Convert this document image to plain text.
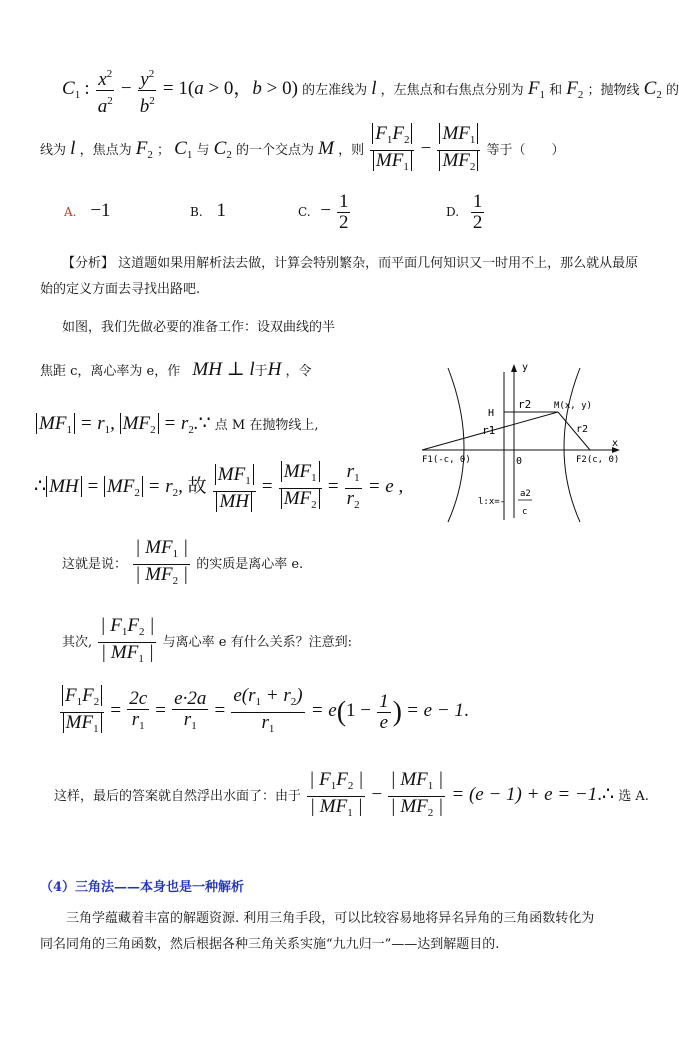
$C_1$ : $\frac{x^2}{a^2} - \frac{y^2}{b^2} = 1(a > 0$，b > 0) 的左准线为 l ，左焦点和右焦点分别为 $F_1$ 和 $F_2$ ；抛物线 $C_2$ 的
线为 l ，焦点为 $F_2$ ； $C_1$ 与 $C_2$ 的一个交点为 M ，则 $\frac{F_1F_2}{MF_1} - \frac{MF_1}{MF_2}$ 等于（　　）
A. −1	B. 1	C. − $\frac{1}{2}$	D. $\frac{1}{2}$
【分析】 这道题如果用解析法去做，计算会特别繁杂，而平面几何知识又一时用不上，那么就从最原
始的定义方面去寻找出路吧.
如图，我们先做必要的准备工作：设双曲线的半
焦距 c，离心率为 e，作 MH ⊥ l于H ，令
$MF_1 = r_1$, $MF_2$ = $r_2.\because$ 点 M 在抛物线上,
∴ MH = $MF_2 = r_2$, 故 $\frac{MF_1}{MH} = \frac{MF_1}{MF_2} = \frac{r_1}{r_2} = e$ ,
y
x
H
r2	M(x, y)
r1	r2
F1(-c, 0)	0	F2(c, 0)
l:x=-
a2
c
这就是说： $\frac{| MF_1 |}{| MF_2 |}$ 的实质是离心率 e.
其次, $\frac{| F_1F_2 |}{| MF_1 |}$ 与离心率 e 有什么关系？注意到:
$\frac{F_1F_2}{MF_1} = \frac{2c}{r_1} = \frac{e\cdot 2a}{r_1} = \frac{e(r_1 + r_2)}{r_1} = e(1 - \frac{1}{e}$ ) = e − 1.
这样，最后的答案就自然浮出水面了：由于 $\frac{| F_1F_2 |}{| MF_1 |} - \frac{| MF_1 |}{| MF_2 |} = (e - 1) + e$ = −1.∴ 选 A.
（4）三角法——本身也是一种解析
三角学蕴藏着丰富的解题资源. 利用三角手段，可以比较容易地将异名异角的三角函数转化为同名同角的三角函数，然后根据各种三角关系实施“九九归一”——达到解题目的.
